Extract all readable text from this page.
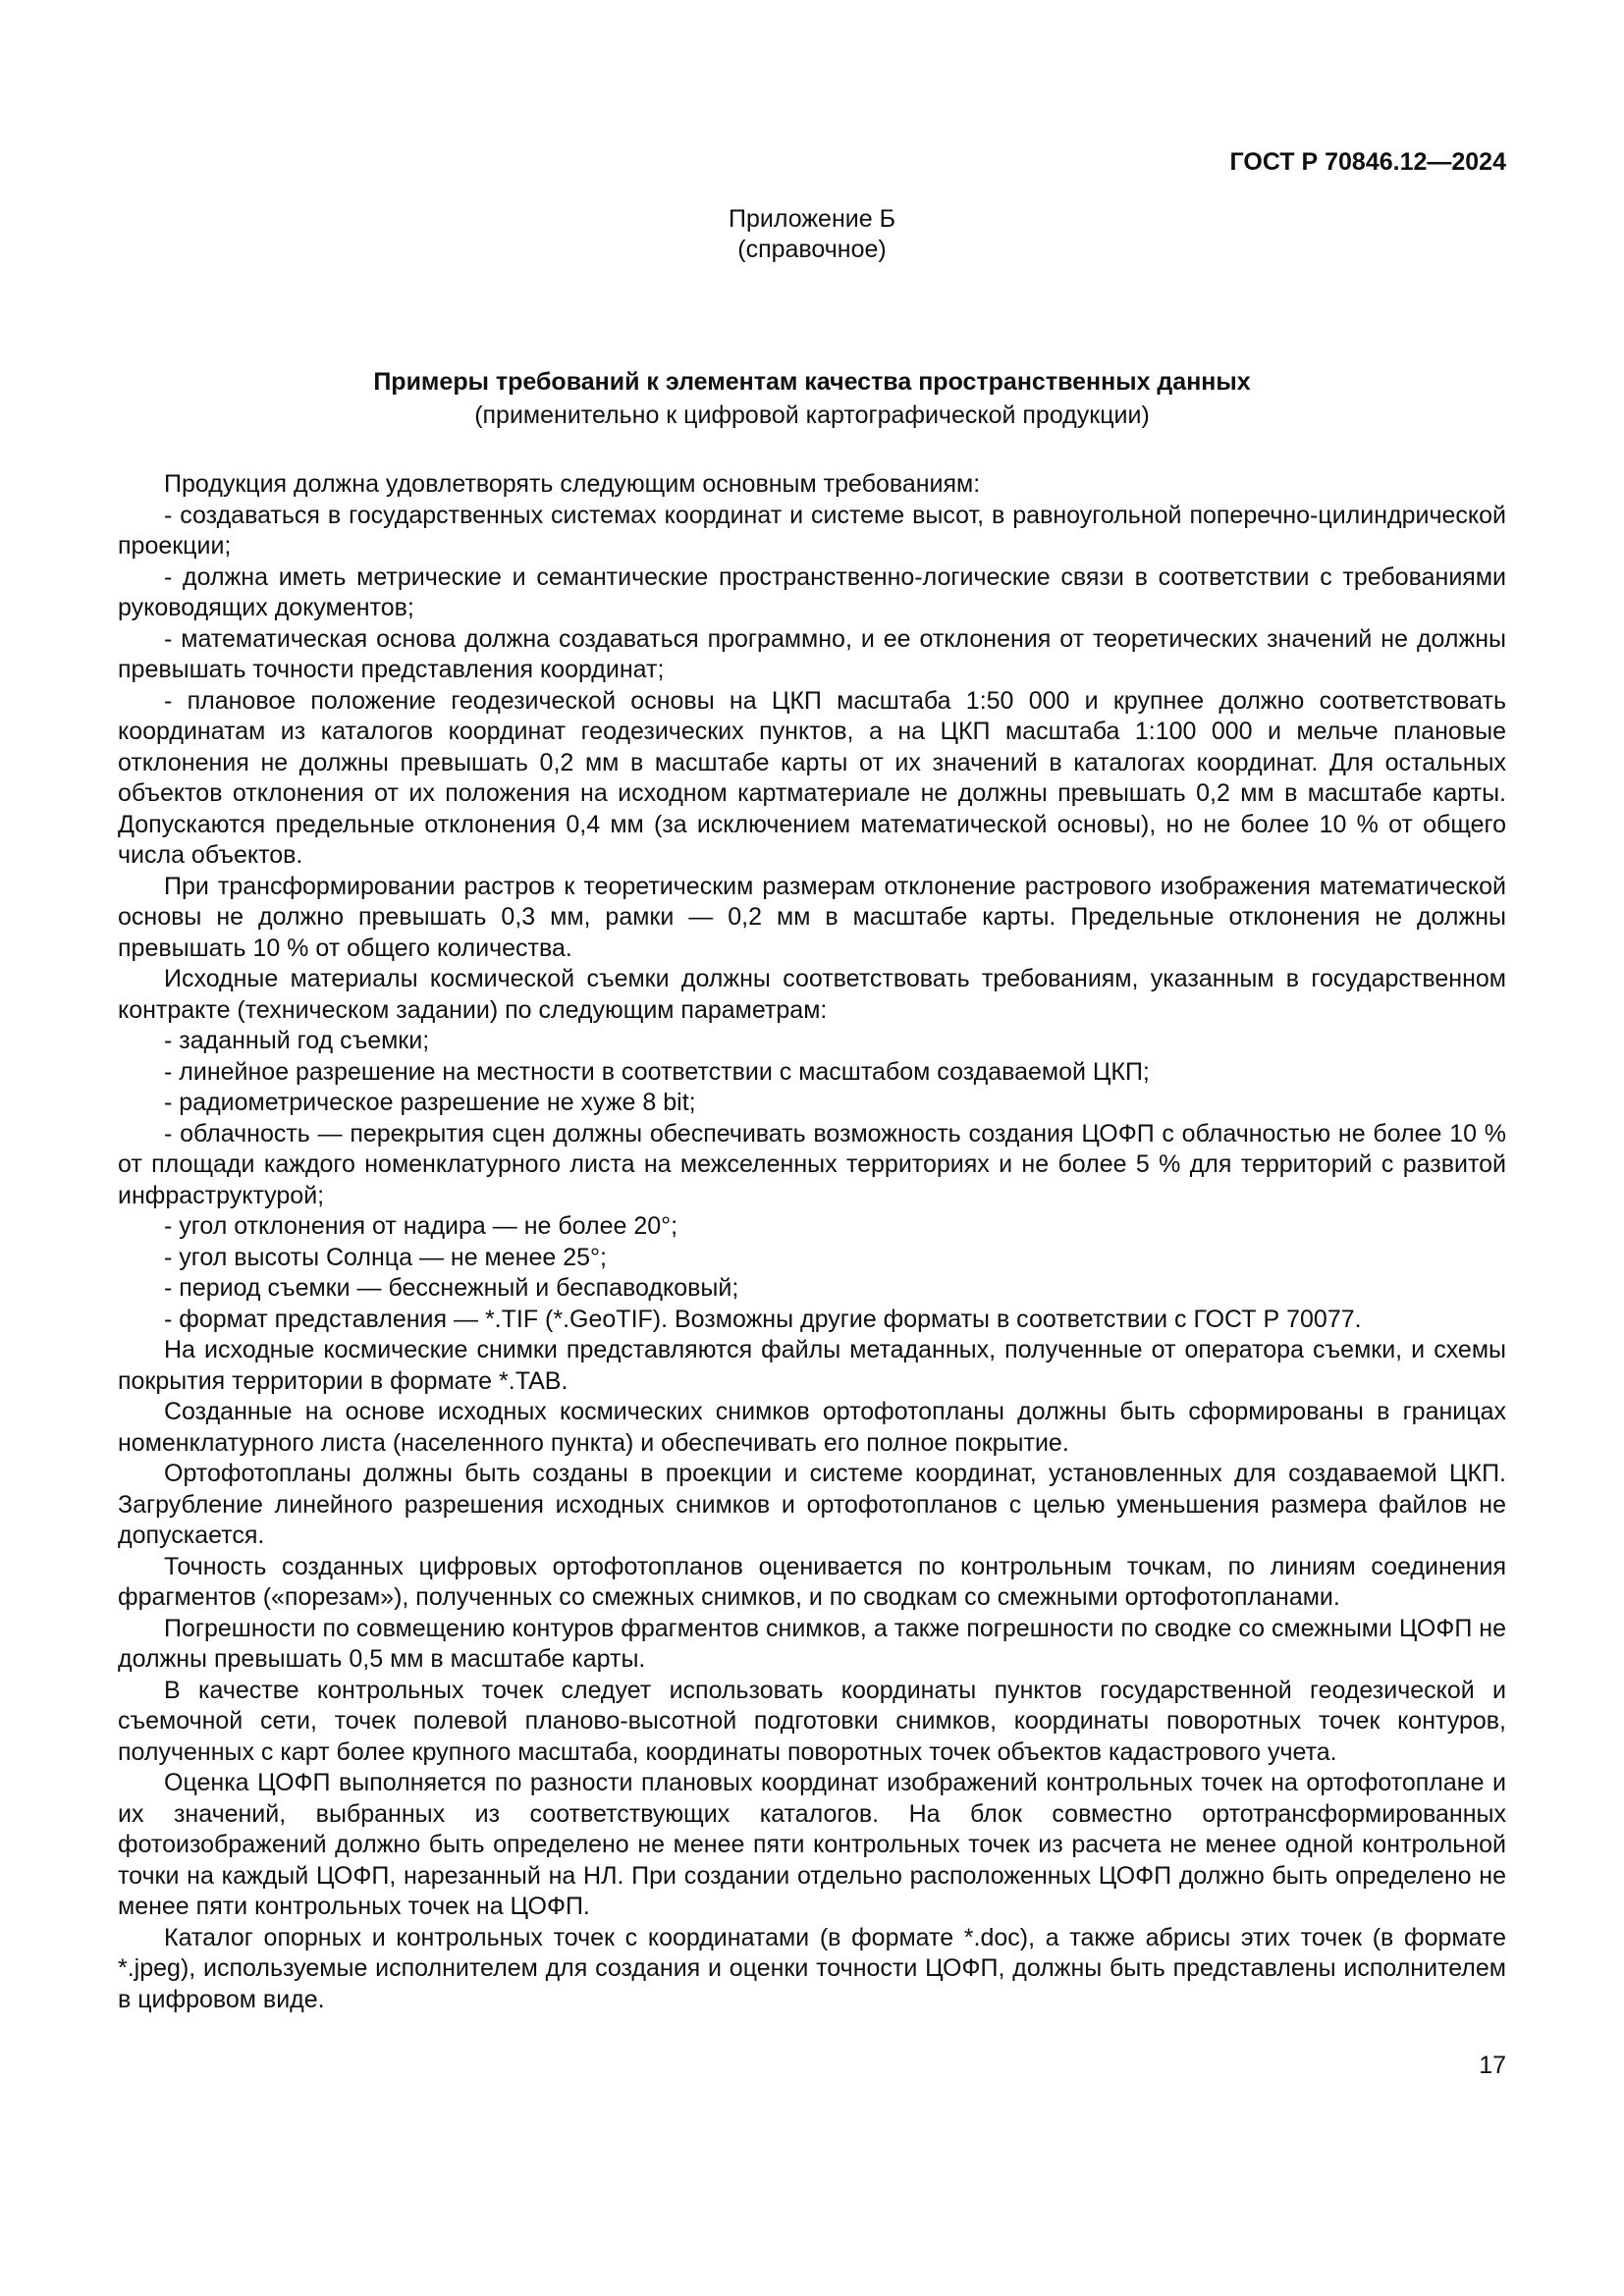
ГОСТ Р 70846.12—2024
Приложение Б
(справочное)
Примеры требований к элементам качества пространственных данных
(применительно к цифровой картографической продукции)

Продукция должна удовлетворять следующим основным требованиям:

- создаваться в государственных системах координат и системе высот, в равноугольной поперечно-цилиндрической проекции;

- должна иметь метрические и семантические пространственно-логические связи в соответствии с требованиями руководящих документов;

- математическая основа должна создаваться программно, и ее отклонения от теоретических значений не должны превышать точности представления координат;

- плановое положение геодезической основы на ЦКП масштаба 1:50 000 и крупнее должно соответствовать координатам из каталогов координат геодезических пунктов, а на ЦКП масштаба 1:100 000 и мельче плановые отклонения не должны превышать 0,2 мм в масштабе карты от их значений в каталогах координат. Для остальных объектов отклонения от их положения на исходном картматериале не должны превышать 0,2 мм в масштабе карты. Допускаются предельные отклонения 0,4 мм (за исключением математической основы), но не более 10 % от общего числа объектов.

При трансформировании растров к теоретическим размерам отклонение растрового изображения математической основы не должно превышать 0,3 мм, рамки — 0,2 мм в масштабе карты. Предельные отклонения не должны превышать 10 % от общего количества.

Исходные материалы космической съемки должны соответствовать требованиям, указанным в государственном контракте (техническом задании) по следующим параметрам:

- заданный год съемки;

- линейное разрешение на местности в соответствии с масштабом создаваемой ЦКП;

- радиометрическое разрешение не хуже 8 bit;

- облачность — перекрытия сцен должны обеспечивать возможность создания ЦОФП с облачностью не более 10 % от площади каждого номенклатурного листа на межселенных территориях и не более 5 % для территорий с развитой инфраструктурой;

- угол отклонения от надира — не более 20°;

- угол высоты Солнца — не менее 25°;

- период съемки — бесснежный и беспаводковый;

- формат представления — *.TIF (*.GeoTIF). Возможны другие форматы в соответствии с ГОСТ Р 70077.

На исходные космические снимки представляются файлы метаданных, полученные от оператора съемки, и схемы покрытия территории в формате *.TAB.

Созданные на основе исходных космических снимков ортофотопланы должны быть сформированы в границах номенклатурного листа (населенного пункта) и обеспечивать его полное покрытие.

Ортофотопланы должны быть созданы в проекции и системе координат, установленных для создаваемой ЦКП. Загрубление линейного разрешения исходных снимков и ортофотопланов с целью уменьшения размера файлов не допускается.

Точность созданных цифровых ортофотопланов оценивается по контрольным точкам, по линиям соединения фрагментов («порезам»), полученных со смежных снимков, и по сводкам со смежными ортофотопланами.

Погрешности по совмещению контуров фрагментов снимков, а также погрешности по сводке со смежными ЦОФП не должны превышать 0,5 мм в масштабе карты.

В качестве контрольных точек следует использовать координаты пунктов государственной геодезической и съемочной сети, точек полевой планово-высотной подготовки снимков, координаты поворотных точек контуров, полученных с карт более крупного масштаба, координаты поворотных точек объектов кадастрового учета.

Оценка ЦОФП выполняется по разности плановых координат изображений контрольных точек на ортофотоплане и их значений, выбранных из соответствующих каталогов. На блок совместно ортотрансформированных фотоизображений должно быть определено не менее пяти контрольных точек из расчета не менее одной контрольной точки на каждый ЦОФП, нарезанный на НЛ. При создании отдельно расположенных ЦОФП должно быть определено не менее пяти контрольных точек на ЦОФП.

Каталог опорных и контрольных точек с координатами (в формате *.doc), а также абрисы этих точек (в формате *.jpeg), используемые исполнителем для создания и оценки точности ЦОФП, должны быть представлены исполнителем в цифровом виде.

17
